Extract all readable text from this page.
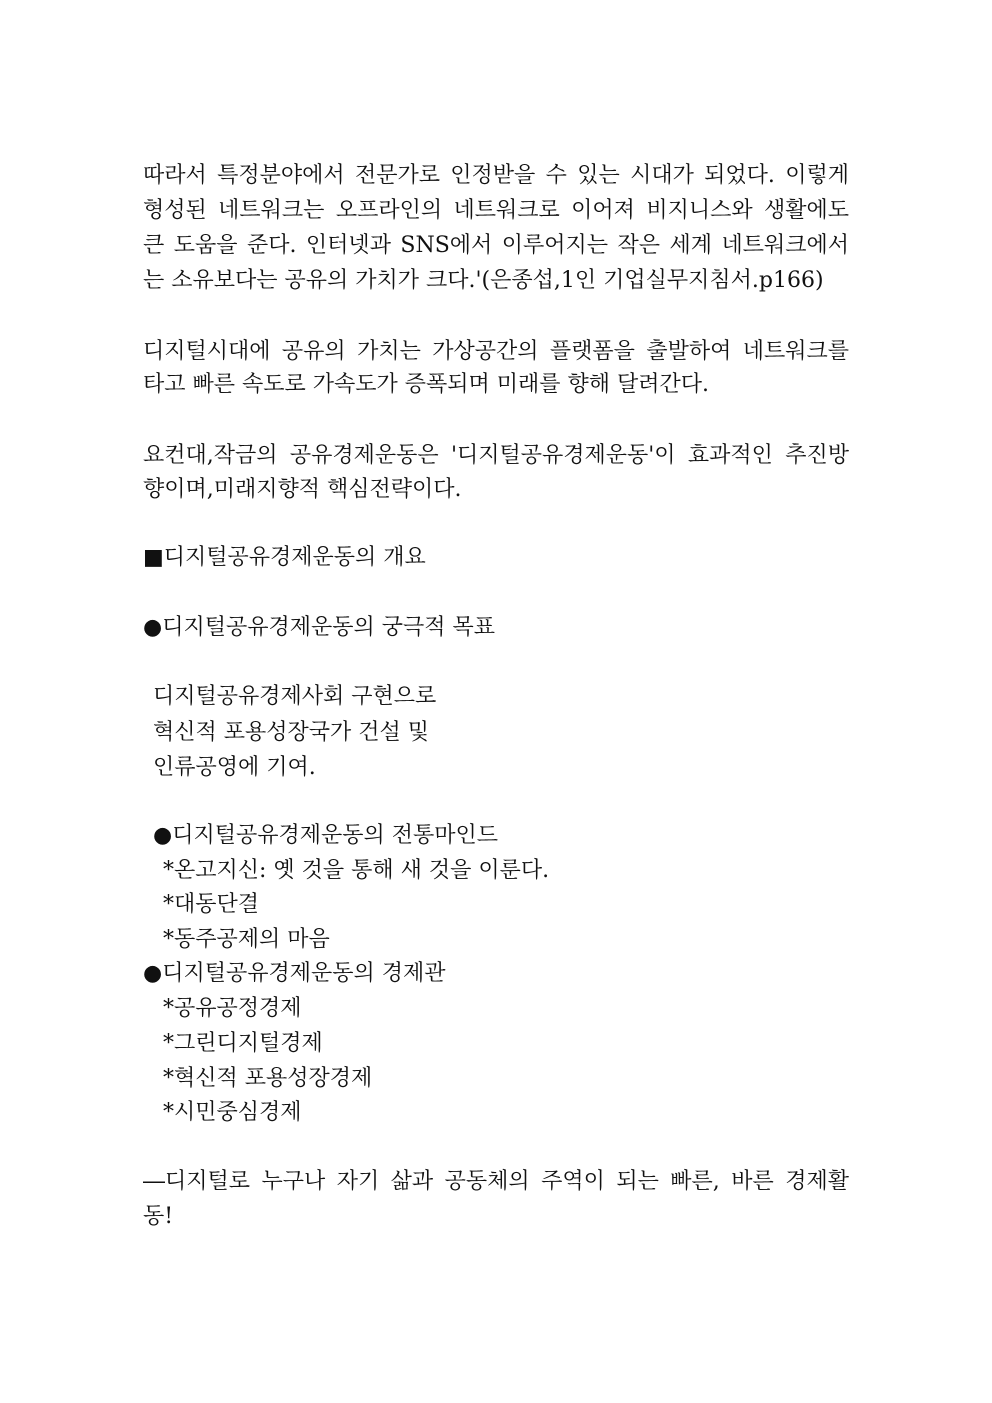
따라서 특정분야에서 전문가로 인정받을 수 있는 시대가 되었다. 이렇게
형성된 네트워크는 오프라인의 네트워크로 이어져 비지니스와 생활에도
큰 도움을 준다. 인터넷과 SNS에서 이루어지는 작은 세계 네트워크에서
는 소유보다는 공유의 가치가 크다.'(은종섭,1인 기업실무지침서.p166)
디지털시대에 공유의 가치는 가상공간의 플랫폼을 출발하여 네트워크를
타고 빠른 속도로 가속도가 증폭되며 미래를 향해 달려간다.
요컨대,작금의 공유경제운동은 '디지털공유경제운동'이 효과적인 추진방
향이며,미래지향적 핵심전략이다.
■디지털공유경제운동의 개요
●디지털공유경제운동의 궁극적 목표
디지털공유경제사회 구현으로
혁신적 포용성장국가 건설 및
인류공영에 기여.
●디지털공유경제운동의 전통마인드
*온고지신: 옛 것을 통해 새 것을 이룬다.
*대동단결
*동주공제의 마음
●디지털공유경제운동의 경제관
*공유공정경제
*그린디지털경제
*혁신적 포용성장경제
*시민중심경제
―디지털로 누구나 자기 삶과 공동체의 주역이 되는 빠른, 바른 경제활
동!
